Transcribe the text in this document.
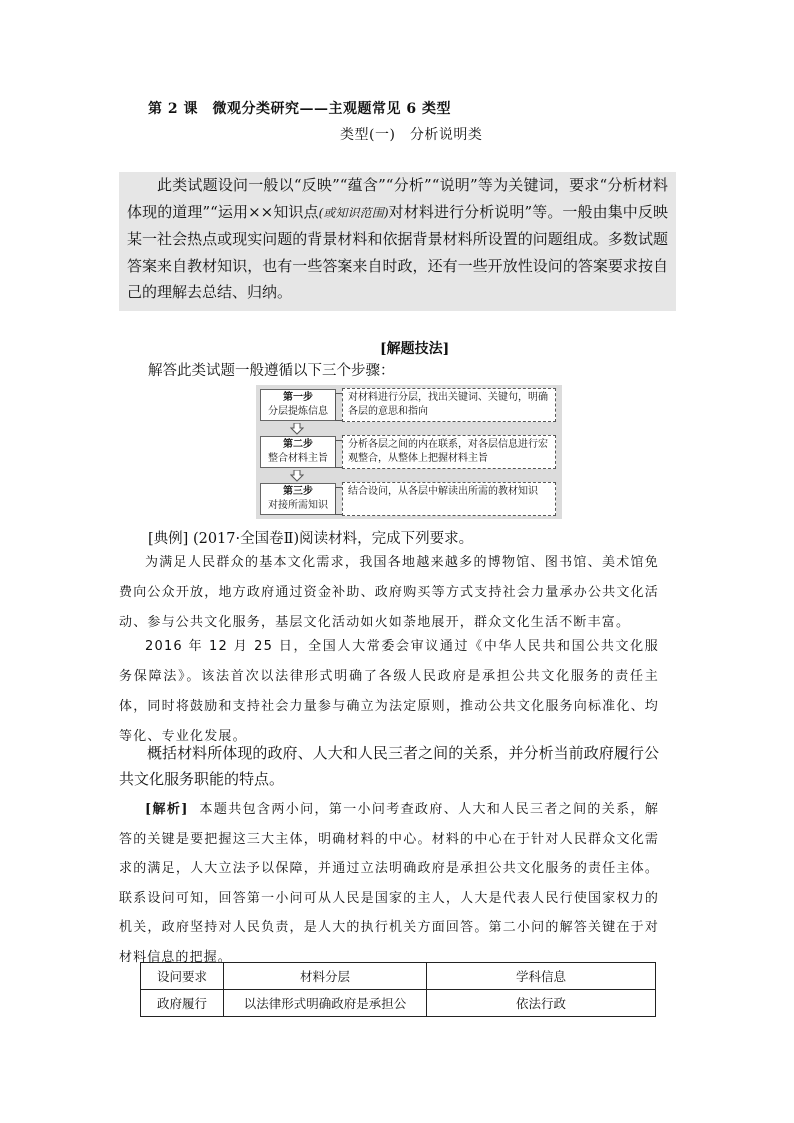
第 2 课　微观分类研究——主观题常见 6 类型
类型(一)　分析说明类
此类试题设问一般以“反映”“蕴含”“分析”“说明”等为关键词，要求“分析材料体现的道理”“运用××知识点(或知识范围)对材料进行分析说明”等。一般由集中反映某一社会热点或现实问题的背景材料和依据背景材料所设置的问题组成。多数试题答案来自教材知识，也有一些答案来自时政，还有一些开放性设问的答案要求按自己的理解去总结、归纳。
[解题技法]
解答此类试题一般遵循以下三个步骤：
第一步
分层提炼信息
对材料进行分层，找出关键词、关键句，明确各层的意思和指向
第二步
整合材料主旨
分析各层之间的内在联系，对各层信息进行宏观整合，从整体上把握材料主旨
第三步
对接所需知识
结合设问，从各层中解读出所需的教材知识
[典例] (2017·全国卷Ⅱ)阅读材料，完成下列要求。
为满足人民群众的基本文化需求，我国各地越来越多的博物馆、图书馆、美术馆免费向公众开放，地方政府通过资金补助、政府购买等方式支持社会力量承办公共文化活动、参与公共文化服务，基层文化活动如火如荼地展开，群众文化生活不断丰富。
2016 年 12 月 25 日，全国人大常委会审议通过《中华人民共和国公共文化服务保障法》。该法首次以法律形式明确了各级人民政府是承担公共文化服务的责任主体，同时将鼓励和支持社会力量参与确立为法定原则，推动公共文化服务向标准化、均等化、专业化发展。
概括材料所体现的政府、人大和人民三者之间的关系，并分析当前政府履行公共文化服务职能的特点。
[解析] 本题共包含两小问，第一小问考查政府、人大和人民三者之间的关系，解答的关键是要把握这三大主体，明确材料的中心。材料的中心在于针对人民群众文化需求的满足，人大立法予以保障，并通过立法明确政府是承担公共文化服务的责任主体。联系设问可知，回答第一小问可从人民是国家的主人，人大是代表人民行使国家权力的机关，政府坚持对人民负责，是人大的执行机关方面回答。第二小问的解答关键在于对材料信息的把握。
设问要求	材料分层	学科信息
政府履行	以法律形式明确政府是承担公	依法行政
